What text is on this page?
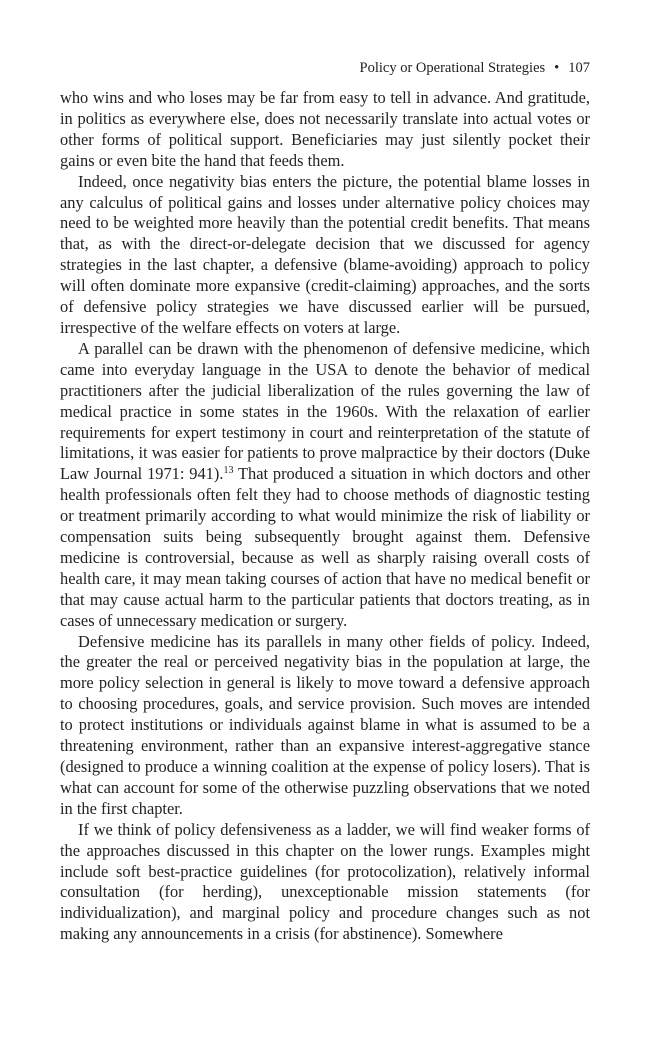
Policy or Operational Strategies • 107

who wins and who loses may be far from easy to tell in advance. And gratitude, in politics as everywhere else, does not necessarily translate into actual votes or other forms of political support. Beneficiaries may just silently pocket their gains or even bite the hand that feeds them.

Indeed, once negativity bias enters the picture, the potential blame losses in any calculus of political gains and losses under alternative policy choices may need to be weighted more heavily than the potential credit benefits. That means that, as with the direct-or-delegate decision that we discussed for agency strategies in the last chapter, a defensive (blame-avoiding) approach to policy will often dominate more expansive (credit-claiming) approaches, and the sorts of defensive policy strategies we have discussed earlier will be pursued, irrespective of the welfare effects on voters at large.

A parallel can be drawn with the phenomenon of defensive medicine, which came into everyday language in the USA to denote the behavior of medical practitioners after the judicial liberalization of the rules governing the law of medical practice in some states in the 1960s. With the relaxation of earlier requirements for expert testimony in court and reinterpretation of the statute of limitations, it was easier for patients to prove malpractice by their doctors (Duke Law Journal 1971: 941).$^{13}$ That produced a situation in which doctors and other health professionals often felt they had to choose methods of diagnostic testing or treatment primarily according to what would minimize the risk of liability or compensation suits being subsequently brought against them. Defensive medicine is controversial, because as well as sharply raising overall costs of health care, it may mean taking courses of action that have no medical benefit or that may cause actual harm to the particular patients that doctors treating, as in cases of unnecessary medication or surgery.

Defensive medicine has its parallels in many other fields of policy. Indeed, the greater the real or perceived negativity bias in the population at large, the more policy selection in general is likely to move toward a defensive approach to choosing procedures, goals, and service provision. Such moves are intended to protect institutions or individuals against blame in what is assumed to be a threatening environment, rather than an expansive interest-aggregative stance (designed to produce a winning coalition at the expense of policy losers). That is what can account for some of the otherwise puzzling observations that we noted in the first chapter.

If we think of policy defensiveness as a ladder, we will find weaker forms of the approaches discussed in this chapter on the lower rungs. Examples might include soft best-practice guidelines (for protocolization), relatively informal consultation (for herding), unexceptionable mission statements (for individualization), and marginal policy and procedure changes such as not making any announcements in a crisis (for abstinence). Somewhere
